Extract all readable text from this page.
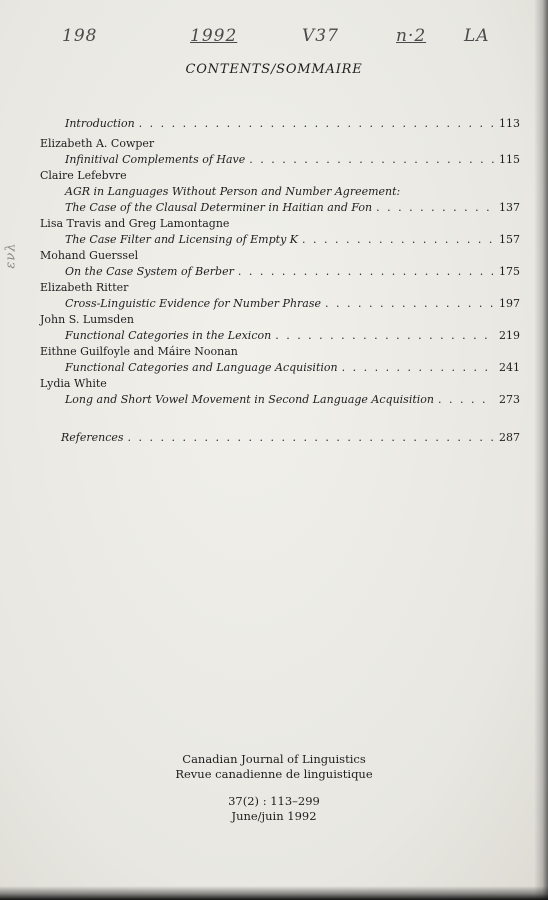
198	1992	V37	n·2 LA
ενλ
CONTENTS/SOMMAIRE
Introduction . . .	113
Elizabeth A. Cowper
Infinitival Complements of Have . . .	115
Claire Lefebvre
AGR in Languages Without Person and Number Agreement:
The Case of the Clausal Determiner in Haitian and Fon . . .	137
Lisa Travis and Greg Lamontagne
The Case Filter and Licensing of Empty K . . .	157
Mohand Guerssel
On the Case System of Berber . . .	175
Elizabeth Ritter
Cross-Linguistic Evidence for Number Phrase . . .	197
John S. Lumsden
Functional Categories in the Lexicon . . .	219
Eithne Guilfoyle and Máire Noonan
Functional Categories and Language Acquisition . . .	241
Lydia White
Long and Short Vowel Movement in Second Language Acquisition . . .	273
References . . .	287
Canadian Journal of Linguistics
Revue canadienne de linguistique
37(2) : 113–299
June/juin 1992
